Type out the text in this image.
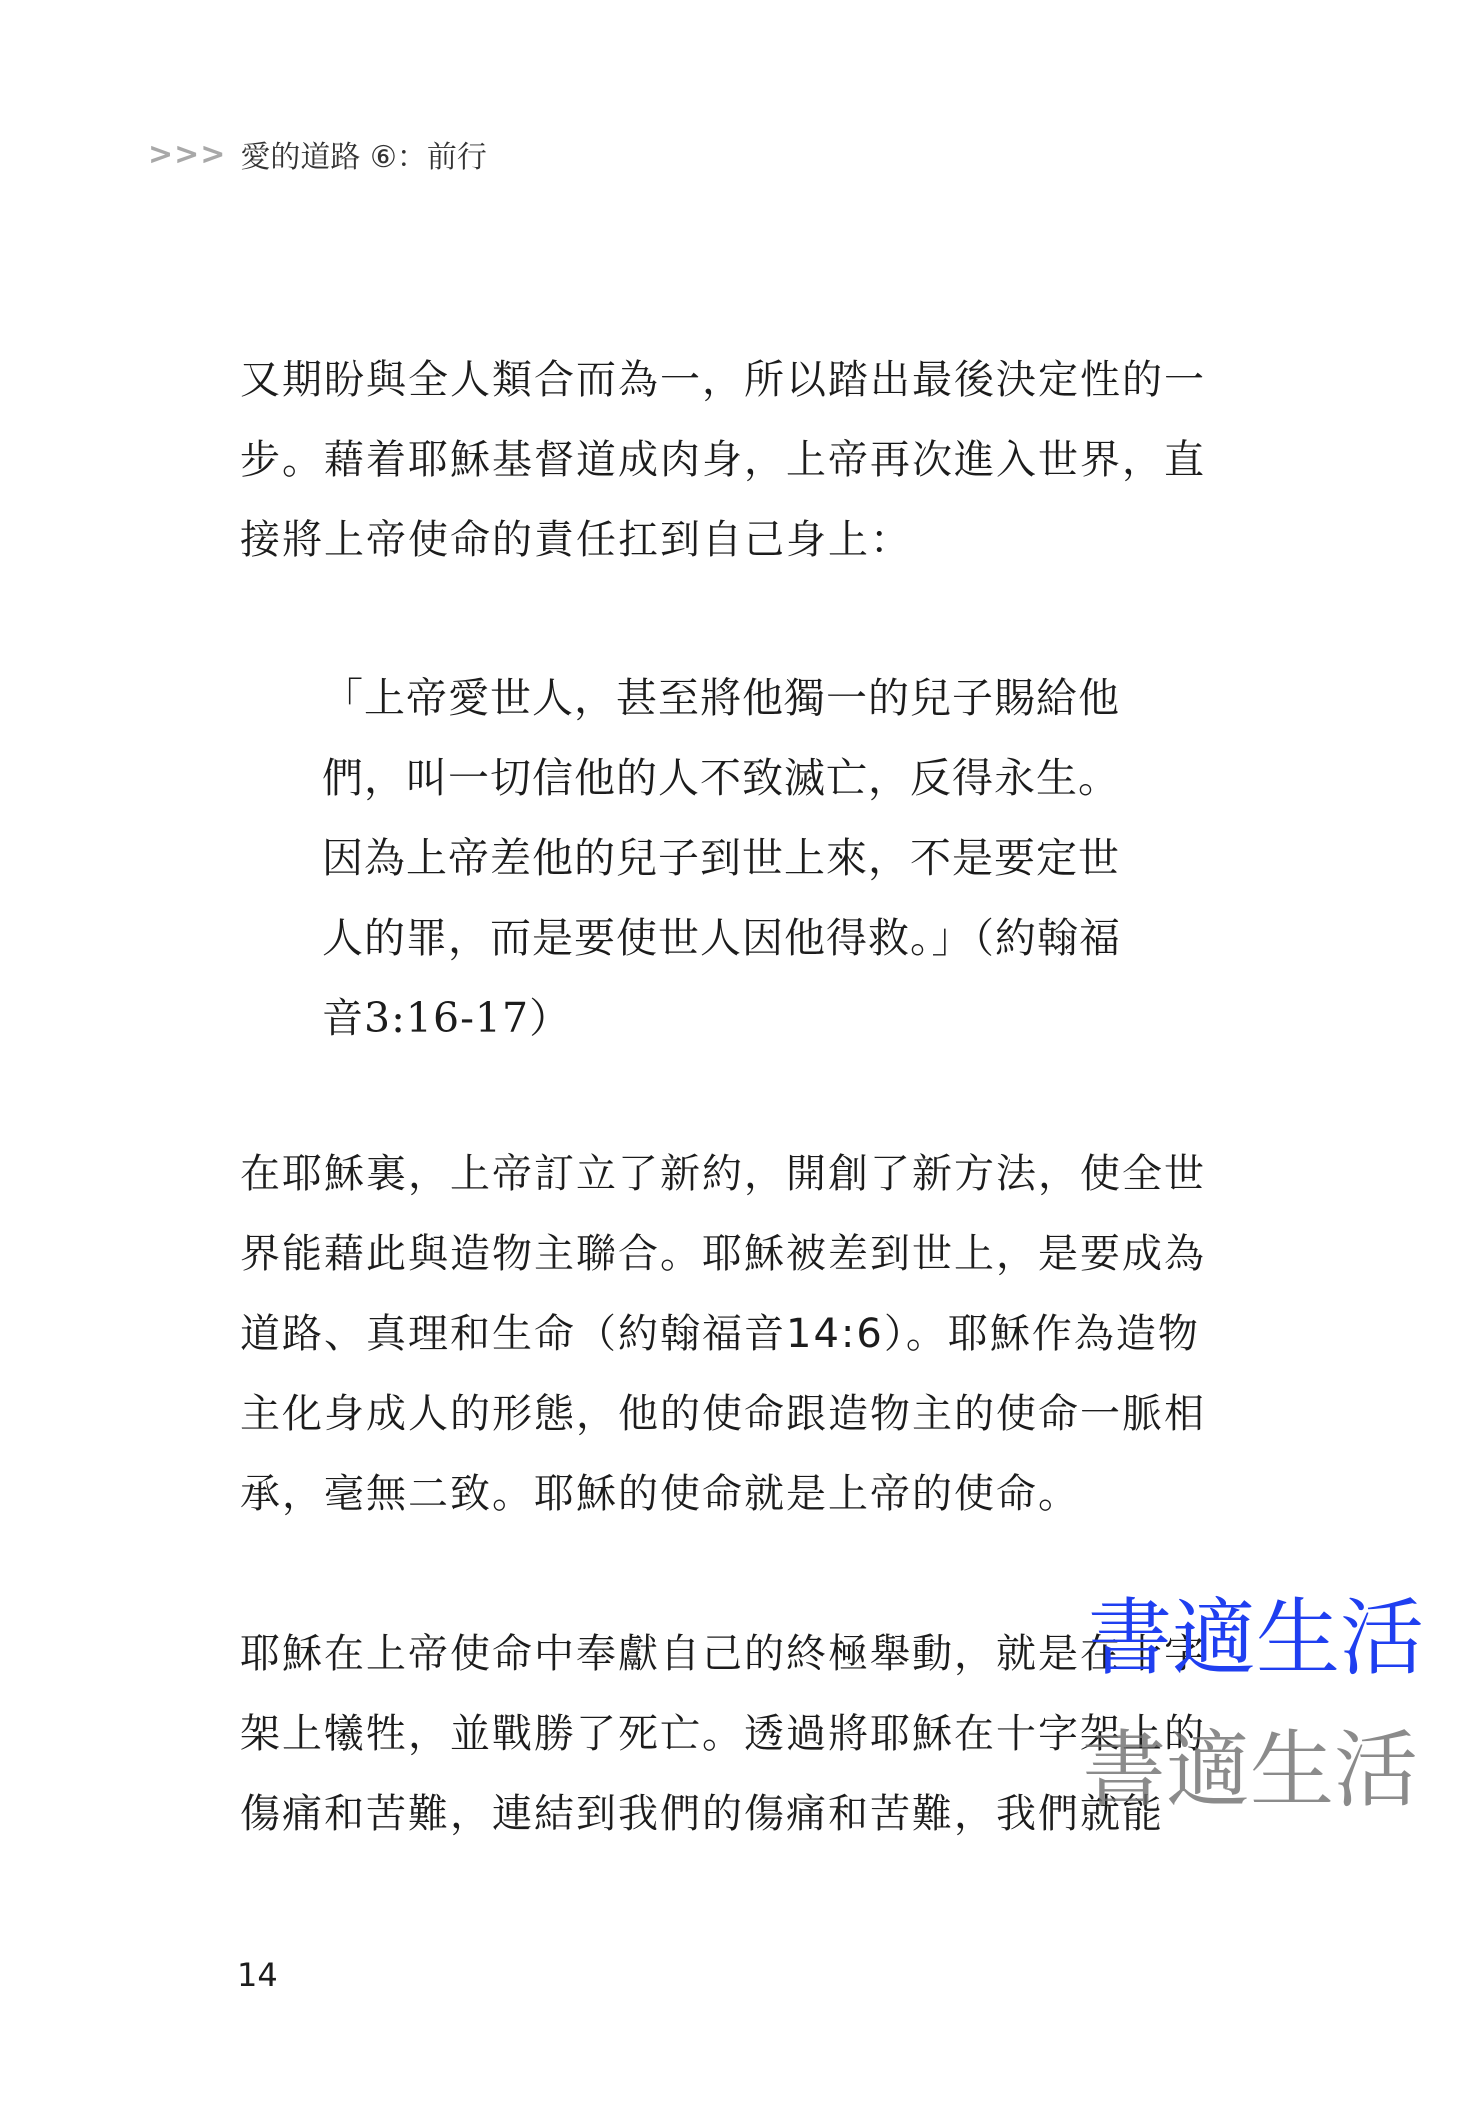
>>> 愛的道路 ⑥：前行
又期盼與全人類合而為一，所以踏出最後決定性的一
步。藉着耶穌基督道成肉身，上帝再次進入世界，直
接將上帝使命的責任扛到自己身上：
「上帝愛世人，甚至將他獨一的兒子賜給他
們，叫一切信他的人不致滅亡，反得永生。
因為上帝差他的兒子到世上來，不是要定世
人的罪，而是要使世人因他得救。」（約翰福
音3:16-17）
在耶穌裏，上帝訂立了新約，開創了新方法，使全世
界能藉此與造物主聯合。耶穌被差到世上，是要成為
道路、真理和生命（約翰福音14:6）。耶穌作為造物
主化身成人的形態，他的使命跟造物主的使命一脈相
承，毫無二致。耶穌的使命就是上帝的使命。
耶穌在上帝使命中奉獻自己的終極舉動，就是在十字
架上犧牲，並戰勝了死亡。透過將耶穌在十字架上的
傷痛和苦難，連結到我們的傷痛和苦難，我們就能
書適生活
書適生活
14
